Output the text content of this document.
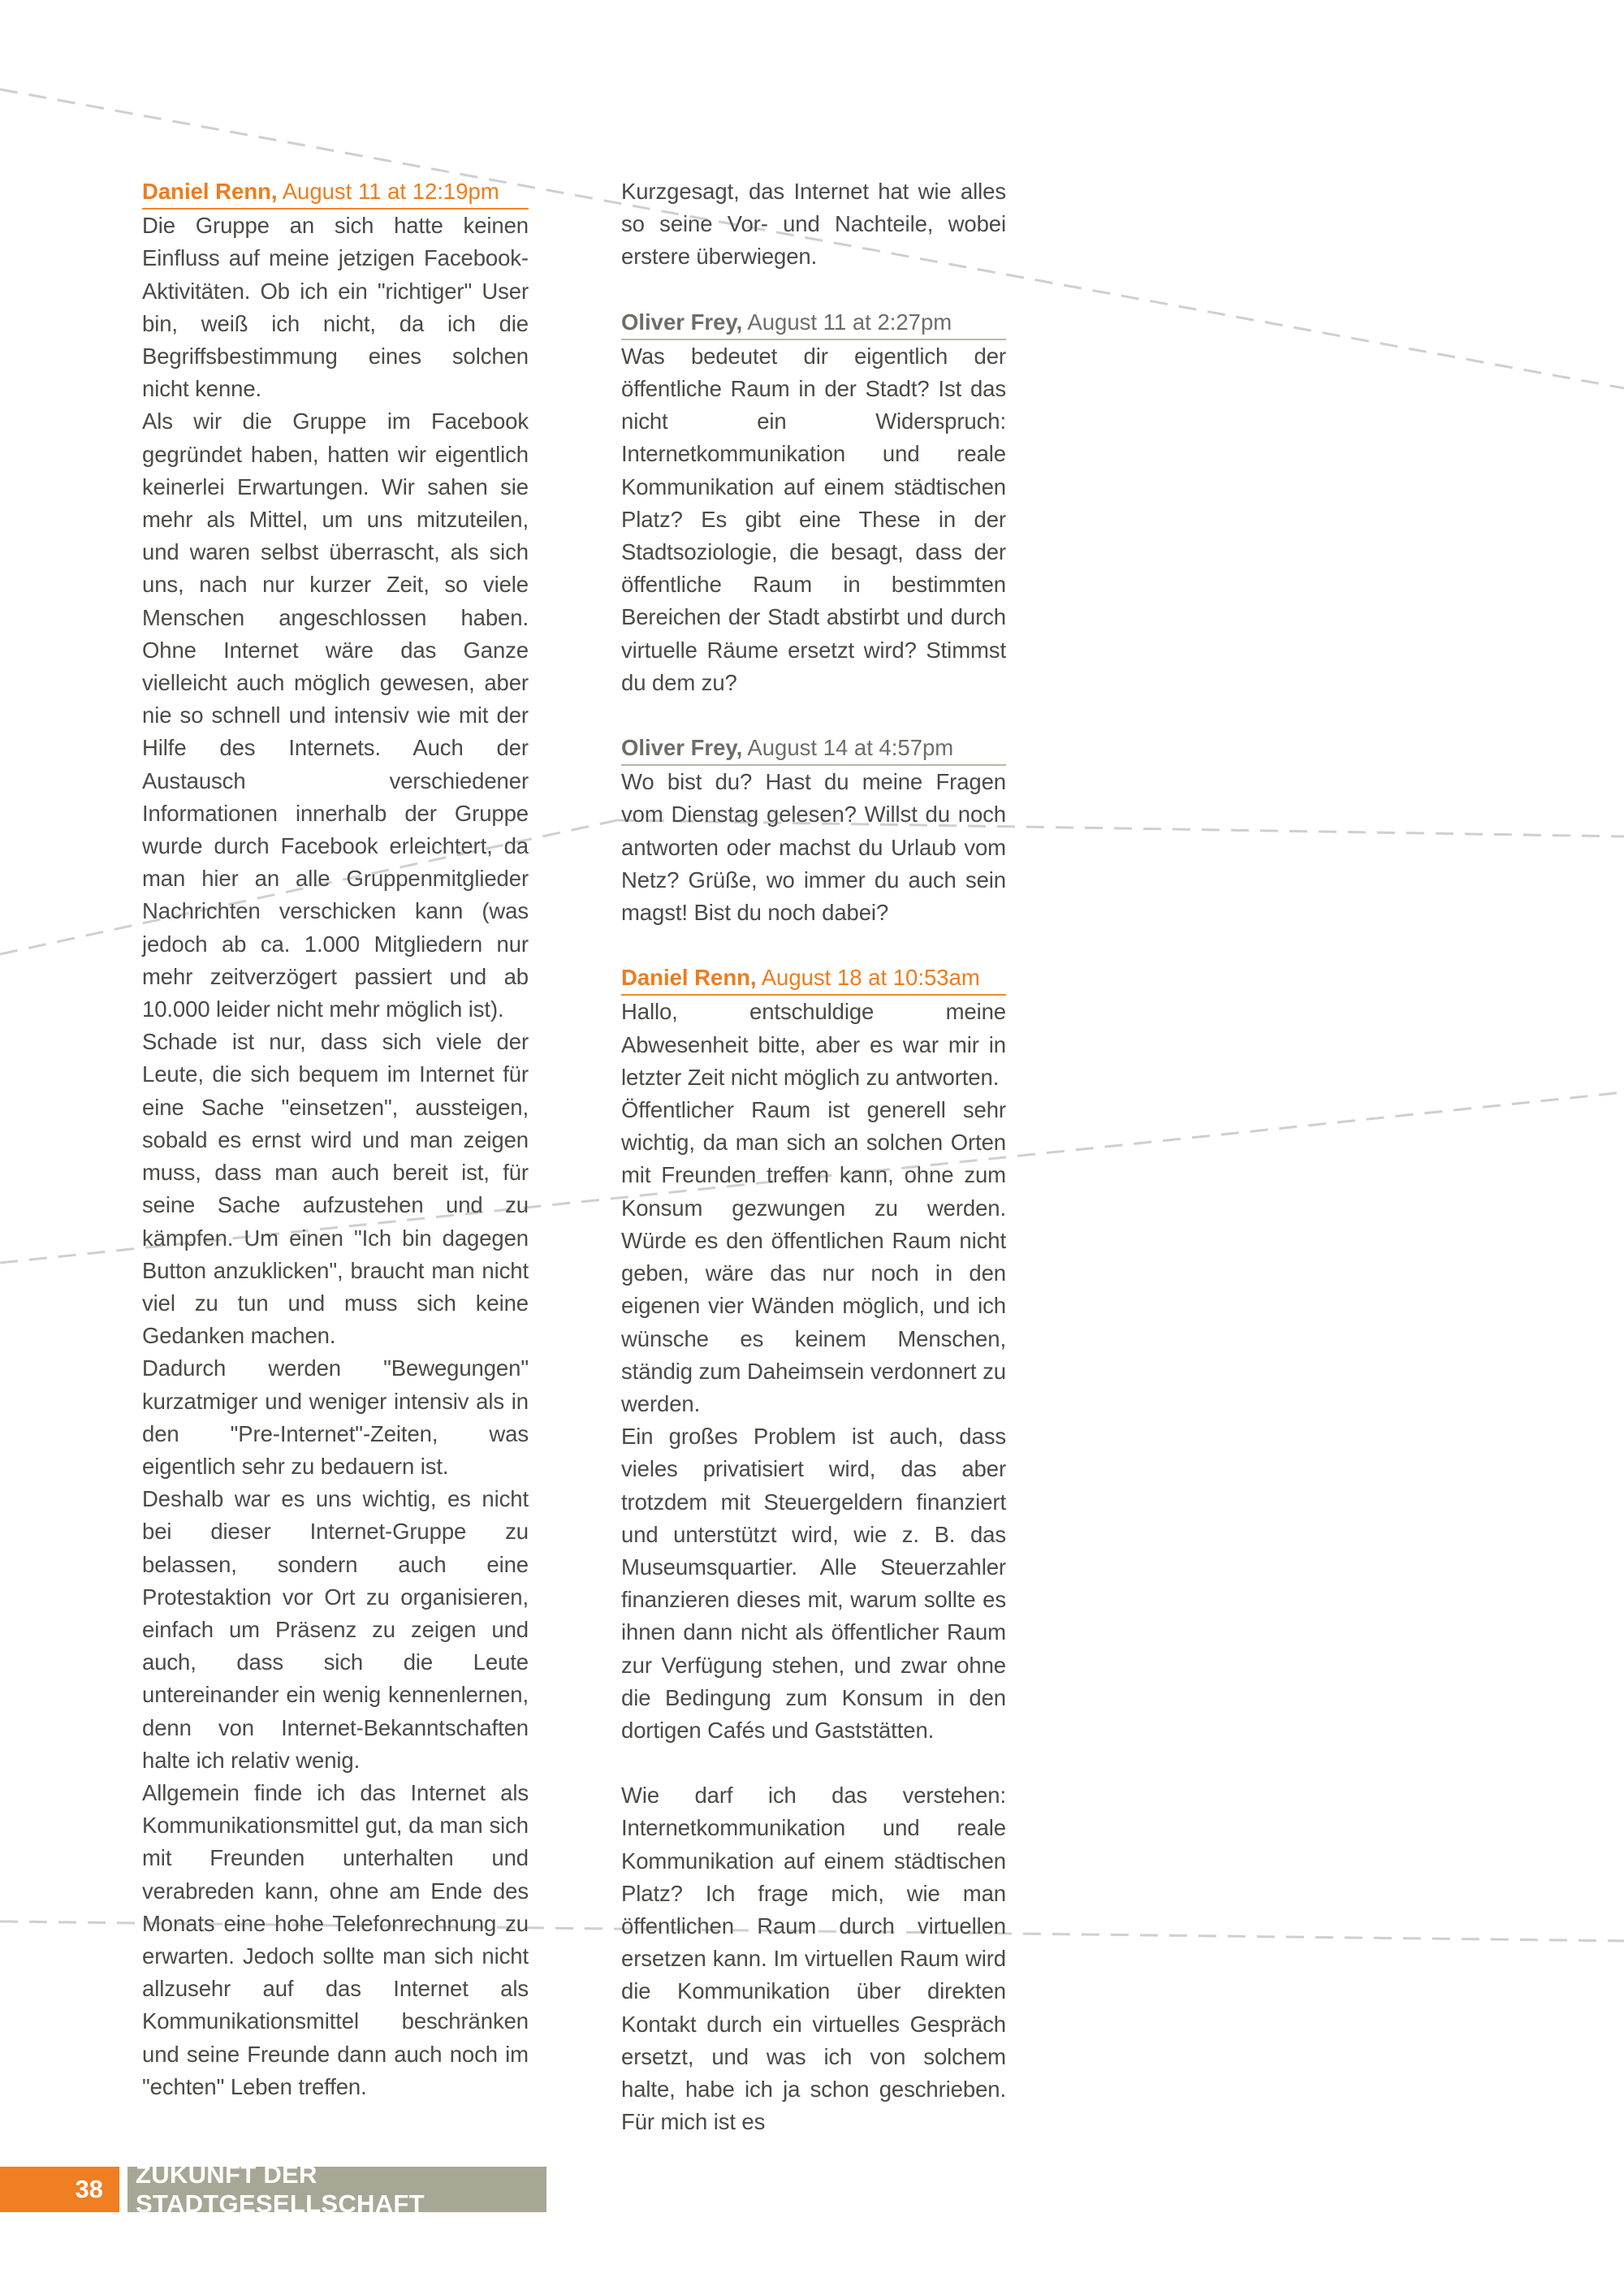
Daniel Renn, August 11 at 12:19pm

Die Gruppe an sich hatte keinen Einfluss auf meine jetzigen Facebook-Aktivitäten. Ob ich ein "richtiger" User bin, weiß ich nicht, da ich die Begriffsbestimmung eines solchen nicht kenne.

Als wir die Gruppe im Facebook gegründet haben, hatten wir eigentlich keinerlei Erwartungen. Wir sahen sie mehr als Mittel, um uns mitzuteilen, und waren selbst überrascht, als sich uns, nach nur kurzer Zeit, so viele Menschen angeschlossen haben. Ohne Internet wäre das Ganze vielleicht auch möglich gewesen, aber nie so schnell und intensiv wie mit der Hilfe des Internets. Auch der Austausch verschiedener Informationen innerhalb der Gruppe wurde durch Facebook erleichtert, da man hier an alle Gruppenmitglieder Nachrichten verschicken kann (was jedoch ab ca. 1.000 Mitgliedern nur mehr zeitverzögert passiert und ab 10.000 leider nicht mehr möglich ist).

Schade ist nur, dass sich viele der Leute, die sich bequem im Internet für eine Sache "einsetzen", aussteigen, sobald es ernst wird und man zeigen muss, dass man auch bereit ist, für seine Sache aufzustehen und zu kämpfen. Um einen "Ich bin dagegen Button anzuklicken", braucht man nicht viel zu tun und muss sich keine Gedanken machen.

Dadurch werden "Bewegungen" kurzatmiger und weniger intensiv als in den "Pre-Internet"-Zeiten, was eigentlich sehr zu bedauern ist.

Deshalb war es uns wichtig, es nicht bei dieser Internet-Gruppe zu belassen, sondern auch eine Protestaktion vor Ort zu organisieren, einfach um Präsenz zu zeigen und auch, dass sich die Leute untereinander ein wenig kennenlernen, denn von Internet-Bekanntschaften halte ich relativ wenig.

Allgemein finde ich das Internet als Kommunikationsmittel gut, da man sich mit Freunden unterhalten und verabreden kann, ohne am Ende des Monats eine hohe Telefonrechnung zu erwarten. Jedoch sollte man sich nicht allzusehr auf das Internet als Kommunikationsmittel beschränken und seine Freunde dann auch noch im "echten" Leben treffen.

Kurzgesagt, das Internet hat wie alles so seine Vor- und Nachteile, wobei erstere überwiegen.

Oliver Frey, August 11 at 2:27pm

Was bedeutet dir eigentlich der öffentliche Raum in der Stadt? Ist das nicht ein Widerspruch: Internetkommunikation und reale Kommunikation auf einem städtischen Platz? Es gibt eine These in der Stadtsoziologie, die besagt, dass der öffentliche Raum in bestimmten Bereichen der Stadt abstirbt und durch virtuelle Räume ersetzt wird? Stimmst du dem zu?

Oliver Frey, August 14 at 4:57pm

Wo bist du? Hast du meine Fragen vom Dienstag gelesen? Willst du noch antworten oder machst du Urlaub vom Netz? Grüße, wo immer du auch sein magst! Bist du noch dabei?

Daniel Renn, August 18 at 10:53am

Hallo, entschuldige meine Abwesenheit bitte, aber es war mir in letzter Zeit nicht möglich zu antworten.

Öffentlicher Raum ist generell sehr wichtig, da man sich an solchen Orten mit Freunden treffen kann, ohne zum Konsum gezwungen zu werden. Würde es den öffentlichen Raum nicht geben, wäre das nur noch in den eigenen vier Wänden möglich, und ich wünsche es keinem Menschen, ständig zum Daheimsein verdonnert zu werden.

Ein großes Problem ist auch, dass vieles privatisiert wird, das aber trotzdem mit Steuergeldern finanziert und unterstützt wird, wie z. B. das Museumsquartier. Alle Steuerzahler finanzieren dieses mit, warum sollte es ihnen dann nicht als öffentlicher Raum zur Verfügung stehen, und zwar ohne die Bedingung zum Konsum in den dortigen Cafés und Gaststätten.

Wie darf ich das verstehen: Internetkommunikation und reale Kommunikation auf einem städtischen Platz? Ich frage mich, wie man öffentlichen Raum durch virtuellen ersetzen kann. Im virtuellen Raum wird die Kommunikation über direkten Kontakt durch ein virtuelles Gespräch ersetzt, und was ich von solchem halte, habe ich ja schon geschrieben. Für mich ist es

38
ZUKUNFT DER STADTGESELLSCHAFT
